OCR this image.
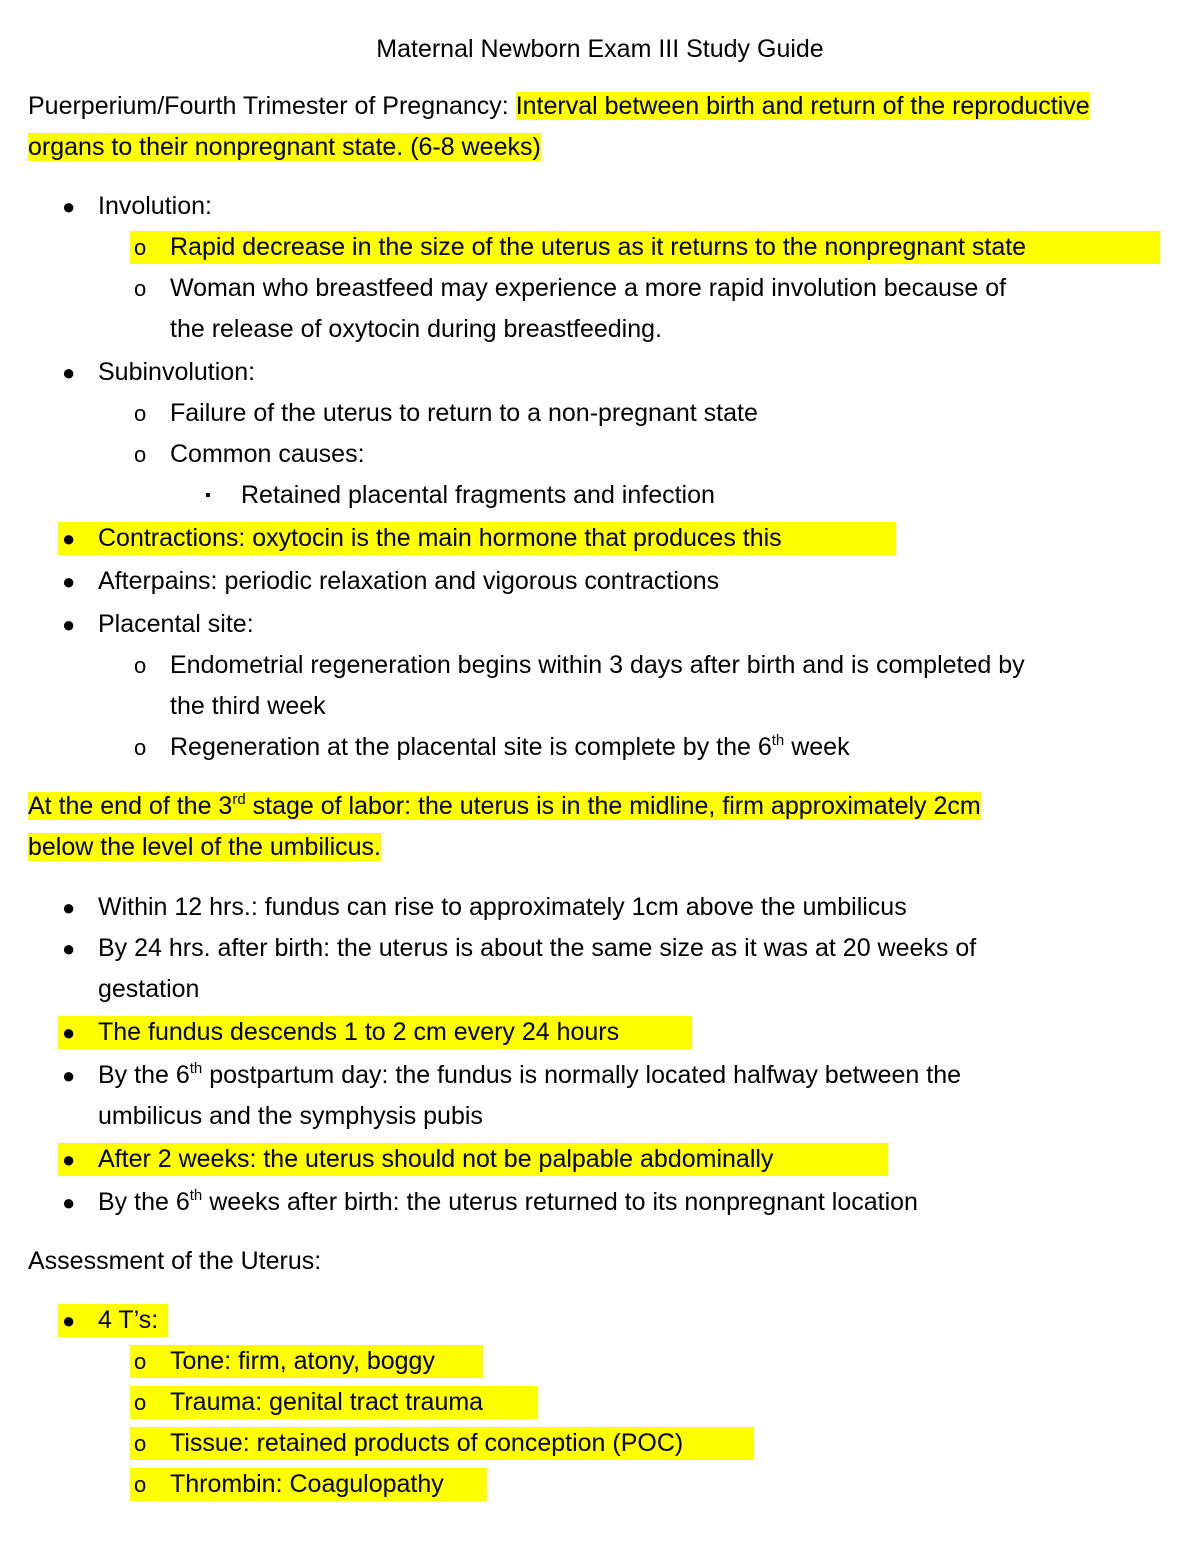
Maternal Newborn Exam III Study Guide
Puerperium/Fourth Trimester of Pregnancy: Interval between birth and return of the reproductive organs to their nonpregnant state. (6-8 weeks)
● Involution:
o Rapid decrease in the size of the uterus as it returns to the nonpregnant state
o Woman who breastfeed may experience a more rapid involution because of
the release of oxytocin during breastfeeding.
● Subinvolution:
o Failure of the uterus to return to a non-pregnant state
o Common causes:
▪ Retained placental fragments and infection
● Contractions: oxytocin is the main hormone that produces this
● Afterpains: periodic relaxation and vigorous contractions
● Placental site:
o Endometrial regeneration begins within 3 days after birth and is completed by
the third week
o Regeneration at the placental site is complete by the 6th week
At the end of the 3rd stage of labor: the uterus is in the midline, firm approximately 2cm
below the level of the umbilicus.
● Within 12 hrs.: fundus can rise to approximately 1cm above the umbilicus
● By 24 hrs. after birth: the uterus is about the same size as it was at 20 weeks of
gestation
● The fundus descends 1 to 2 cm every 24 hours
● By the 6th postpartum day: the fundus is normally located halfway between the
umbilicus and the symphysis pubis
● After 2 weeks: the uterus should not be palpable abdominally
● By the 6th weeks after birth: the uterus returned to its nonpregnant location
Assessment of the Uterus:
● 4 T’s:
o Tone: firm, atony, boggy
o Trauma: genital tract trauma
o Tissue: retained products of conception (POC)
o Thrombin: Coagulopathy
